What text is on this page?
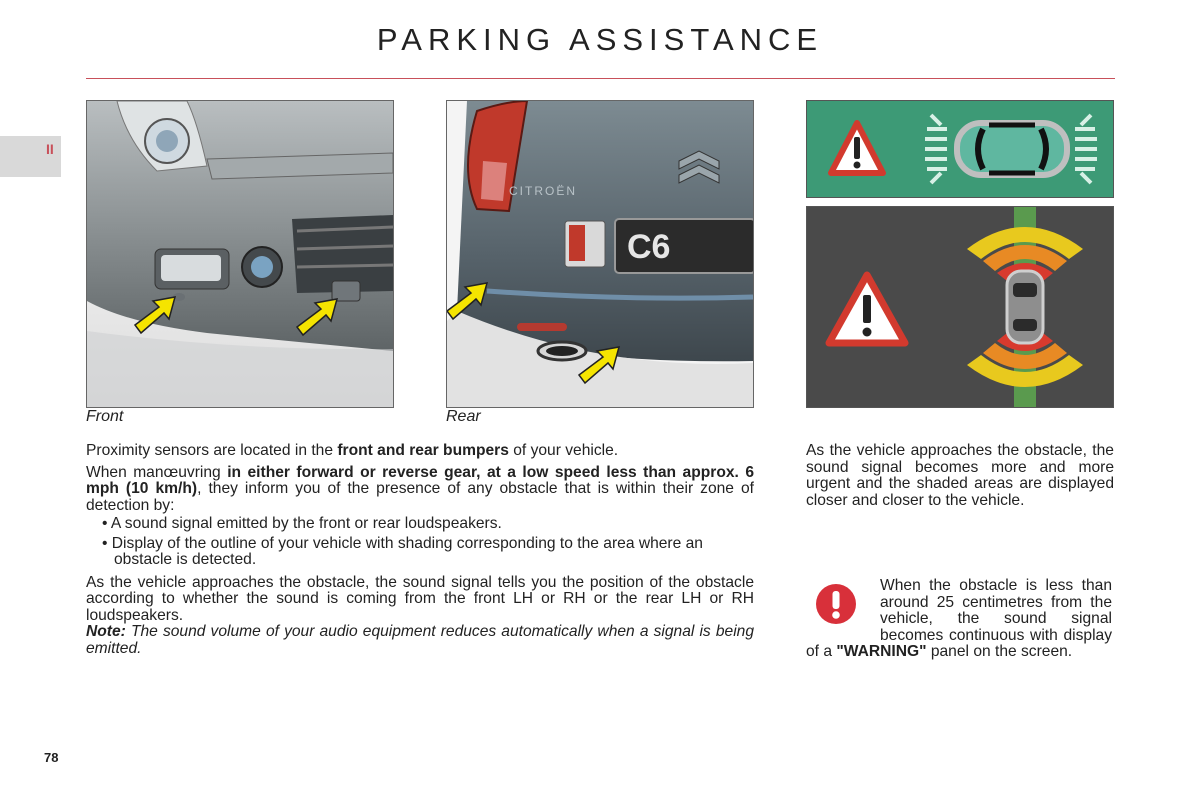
PARKING ASSISTANCE
II
Front
CITROËN
C6
Rear

Proximity sensors are located in the front and rear bumpers of your vehicle.

When manœuvring in either forward or reverse gear, at a low speed less than approx. 6 mph (10 km/h), they inform you of the presence of any obstacle that is within their zone of detection by:

• A sound signal emitted by the front or rear loudspeakers.

• Display of the outline of your vehicle with shading corresponding to the area where an obstacle is detected.

As the vehicle approaches the obstacle, the sound signal tells you the position of the obstacle according to whether the sound is coming from the front LH or RH or the rear LH or RH loudspeakers.

Note: The sound volume of your audio equipment reduces automatically when a signal is being emitted.

As the vehicle approaches the obstacle, the sound signal becomes more and more urgent and the shaded areas are displayed closer and closer to the vehicle.

When the obstacle is less than around 25 centimetres from the vehicle, the sound signal becomes continuous with display of a "WARNING" panel on the screen.

78
